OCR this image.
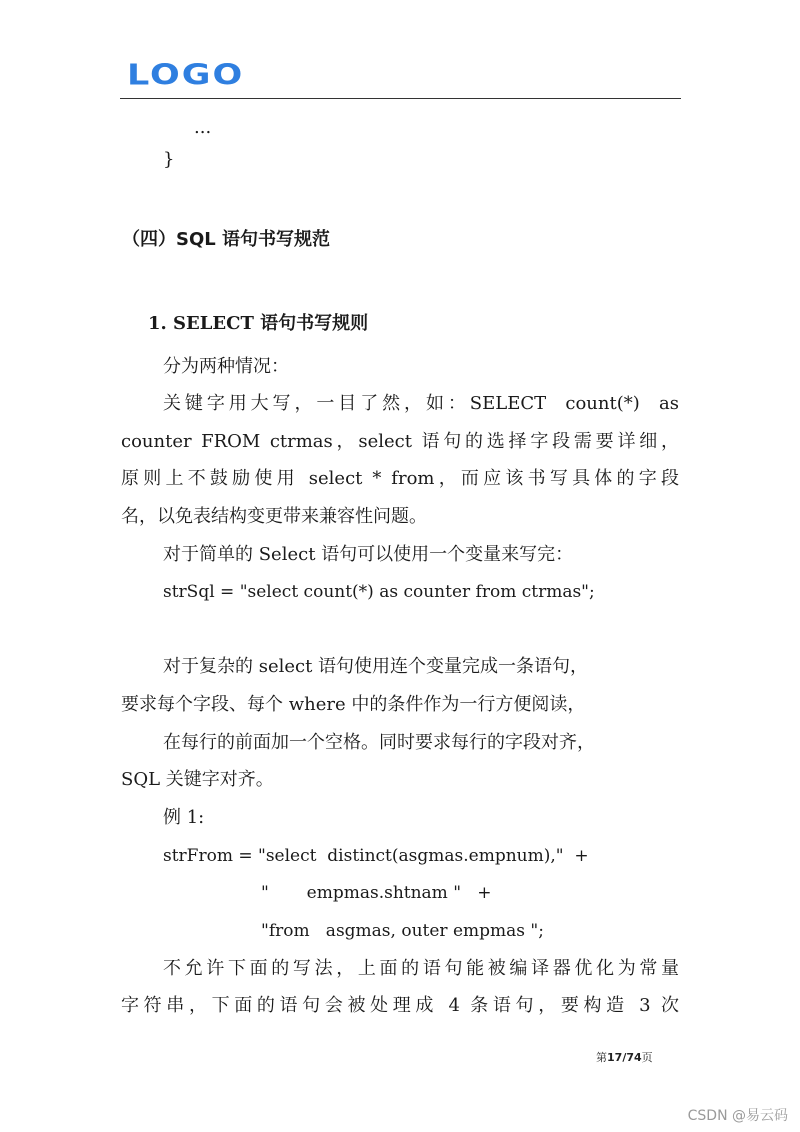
LOGO
...
}
（四）SQL 语句书写规范
1. SELECT 语句书写规则
分为两种情况：
关键字用大写，一目了然，如：SELECT  count(*)  as
counter FROM ctrmas，select 语句的选择字段需要详细，
原则上不鼓励使用 select * from，而应该书写具体的字段
名，以免表结构变更带来兼容性问题。
对于简单的 Select 语句可以使用一个变量来写完：
strSql = "select count(*) as counter from ctrmas";
对于复杂的 select 语句使用连个变量完成一条语句，
要求每个字段、每个 where 中的条件作为一行方便阅读，
在每行的前面加一个空格。同时要求每行的字段对齐，
SQL 关键字对齐。
例 1:
strFrom = "select  distinct(asgmas.empnum),"  +
"       empmas.shtnam "   +
"from   asgmas, outer empmas ";
不允许下面的写法，上面的语句能被编译器优化为常量
字符串，下面的语句会被处理成 4 条语句，要构造 3 次
第17/74页
CSDN @易云码
